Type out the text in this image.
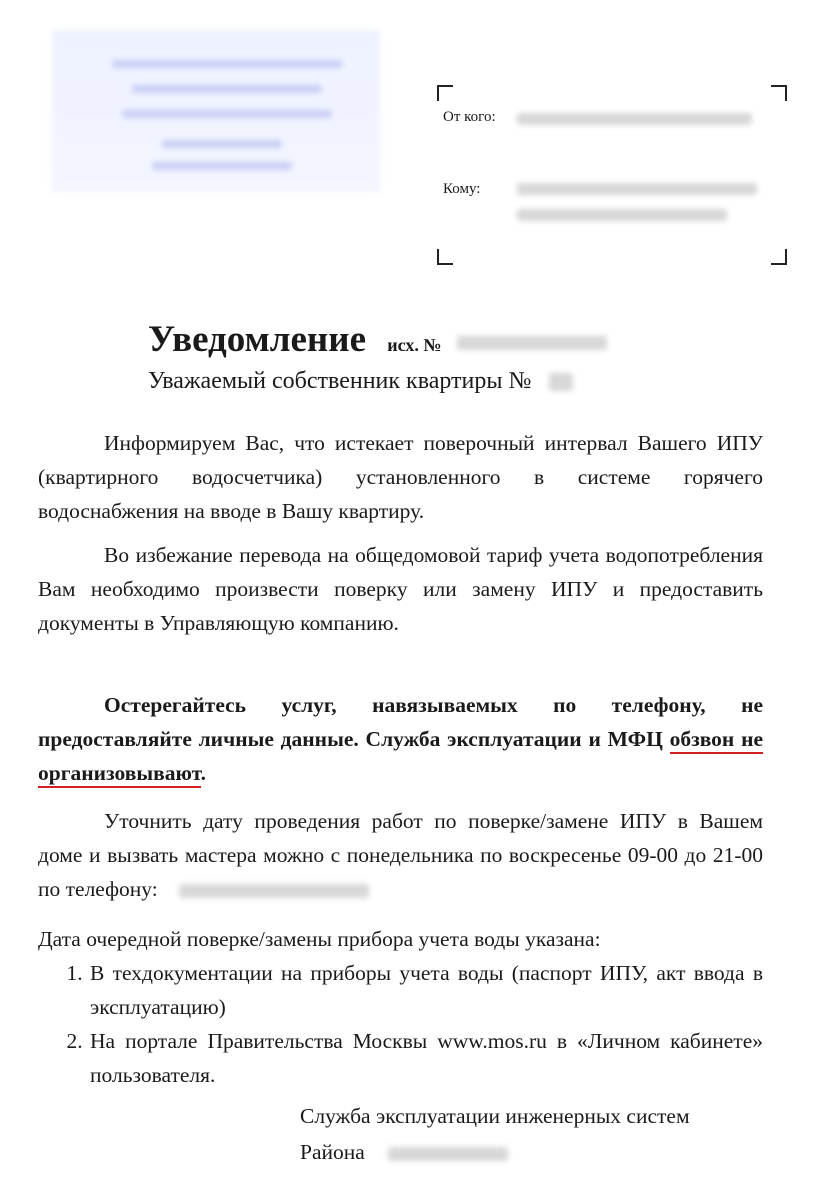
От кого:
Кому:

Уведомление исх. №
Уважаемый собственник квартиры №
Информируем Вас, что истекает поверочный интервал Вашего ИПУ (квартирного водосчетчика) установленного в системе горячего водоснабжения на вводе в Вашу квартиру.
Во избежание перевода на общедомовой тариф учета водопотребления Вам необходимо произвести поверку или замену ИПУ и предоставить документы в Управляющую компанию.
Остерегайтесь услуг, навязываемых по телефону, не предоставляйте личные данные. Служба эксплуатации и МФЦ обзвон не организовывают.
Уточнить дату проведения работ по поверке/замене ИПУ в Вашем доме и вызвать мастера можно с понедельника по воскресенье 09-00 до 21-00 по телефону:
Дата очередной поверке/замены прибора учета воды указана:
1. В техдокументации на приборы учета воды (паспорт ИПУ, акт ввода в эксплуатацию)
2. На портале Правительства Москвы www.mos.ru в «Личном кабинете» пользователя.
Служба эксплуатации инженерных систем
Района
